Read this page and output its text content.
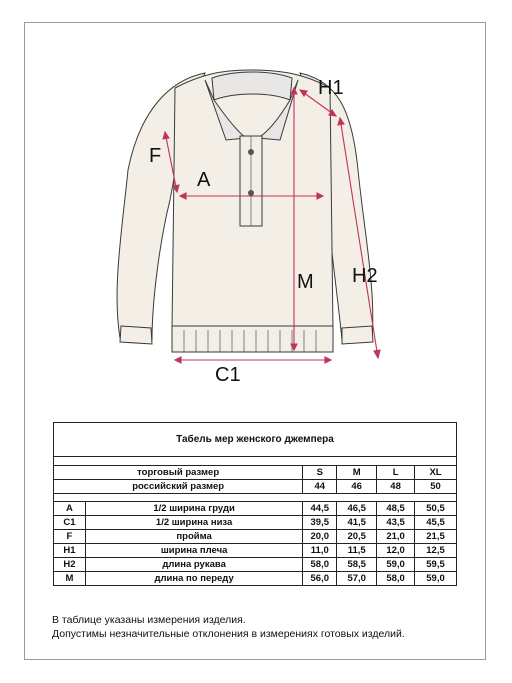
H1
F
A
H2
M
C1
Табель мер женского джемпера					

торговый размер		S	M	L	XL
российский размер		44	46	48	50

A	1/2 ширина груди	44,5	46,5	48,5	50,5
C1	1/2 ширина низа	39,5	41,5	43,5	45,5
F	пройма	20,0	20,5	21,0	21,5
H1	ширина плеча	11,0	11,5	12,0	12,5
H2	длина рукава	58,0	58,5	59,0	59,5
M	длина по переду	56,0	57,0	58,0	59,0
В таблице указаны измерения изделия.
Допустимы незначительные отклонения в измерениях готовых изделий.
